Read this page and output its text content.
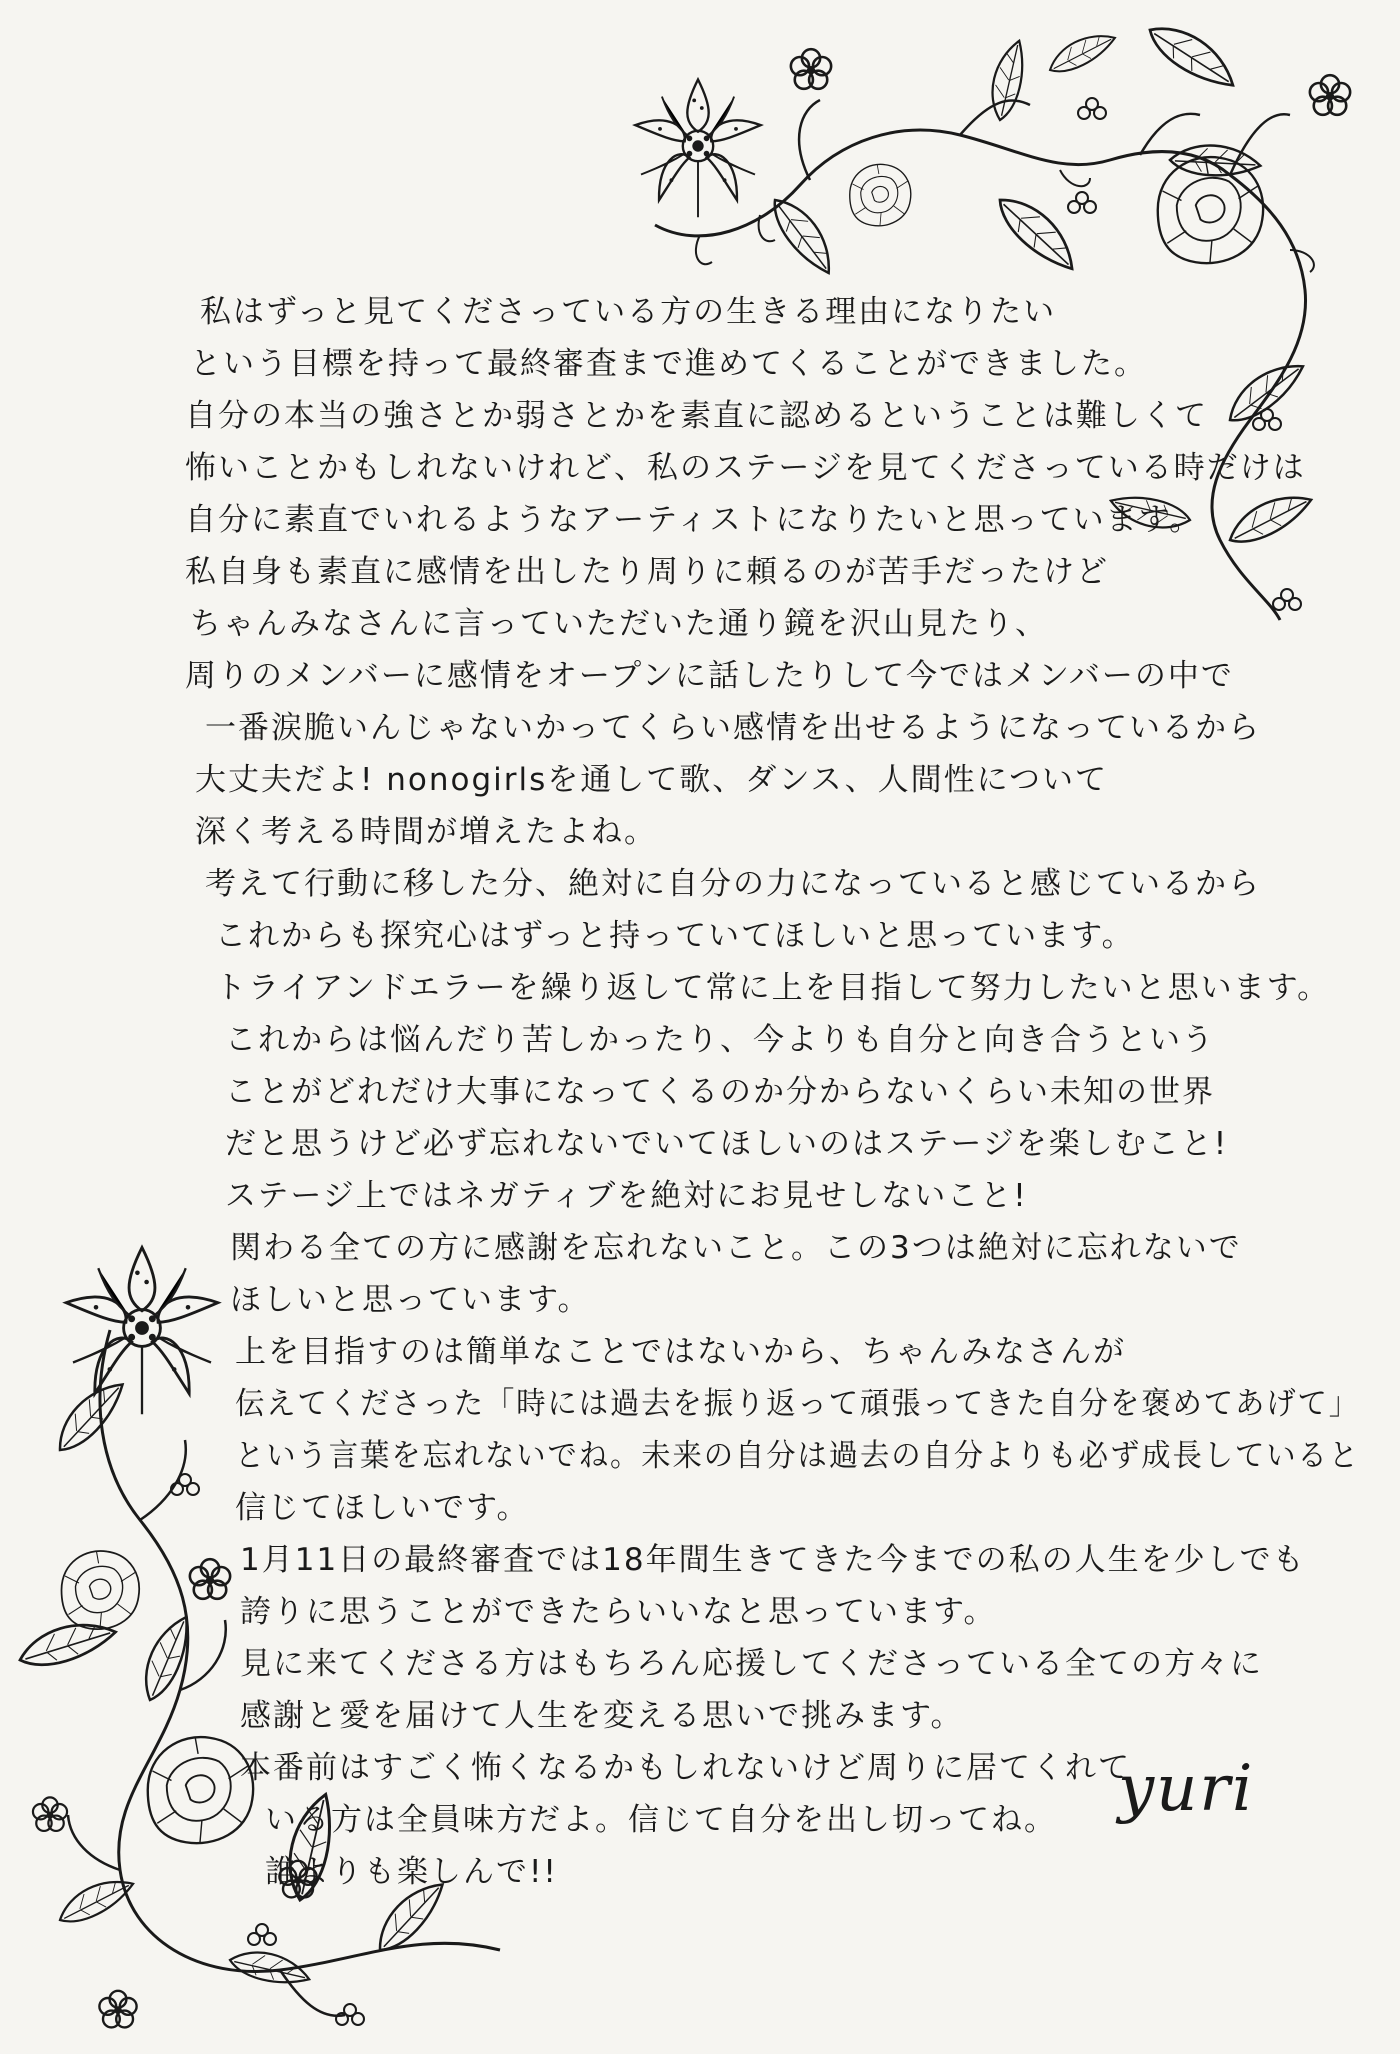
私はずっと見てくださっている方の生きる理由になりたい
という目標を持って最終審査まで進めてくることができました。
自分の本当の強さとか弱さとかを素直に認めるということは難しくて
怖いことかもしれないけれど、私のステージを見てくださっている時だけは
自分に素直でいれるようなアーティストになりたいと思っています。
私自身も素直に感情を出したり周りに頼るのが苦手だったけど
ちゃんみなさんに言っていただいた通り鏡を沢山見たり、
周りのメンバーに感情をオープンに話したりして今ではメンバーの中で
一番涙脆いんじゃないかってくらい感情を出せるようになっているから
大丈夫だよ! nonogirlsを通して歌、ダンス、人間性について
深く考える時間が増えたよね。
考えて行動に移した分、絶対に自分の力になっていると感じているから
これからも探究心はずっと持っていてほしいと思っています。
トライアンドエラーを繰り返して常に上を目指して努力したいと思います。
これからは悩んだり苦しかったり、今よりも自分と向き合うという
ことがどれだけ大事になってくるのか分からないくらい未知の世界
だと思うけど必ず忘れないでいてほしいのはステージを楽しむこと!
ステージ上ではネガティブを絶対にお見せしないこと!
関わる全ての方に感謝を忘れないこと。この3つは絶対に忘れないで
ほしいと思っています。
上を目指すのは簡単なことではないから、ちゃんみなさんが
伝えてくださった「時には過去を振り返って頑張ってきた自分を褒めてあげて」
という言葉を忘れないでね。未来の自分は過去の自分よりも必ず成長していると
信じてほしいです。
1月11日の最終審査では18年間生きてきた今までの私の人生を少しでも
誇りに思うことができたらいいなと思っています。
見に来てくださる方はもちろん応援してくださっている全ての方々に
感謝と愛を届けて人生を変える思いで挑みます。
本番前はすごく怖くなるかもしれないけど周りに居てくれて
いる方は全員味方だよ。信じて自分を出し切ってね。
誰よりも楽しんで!!
yuri
